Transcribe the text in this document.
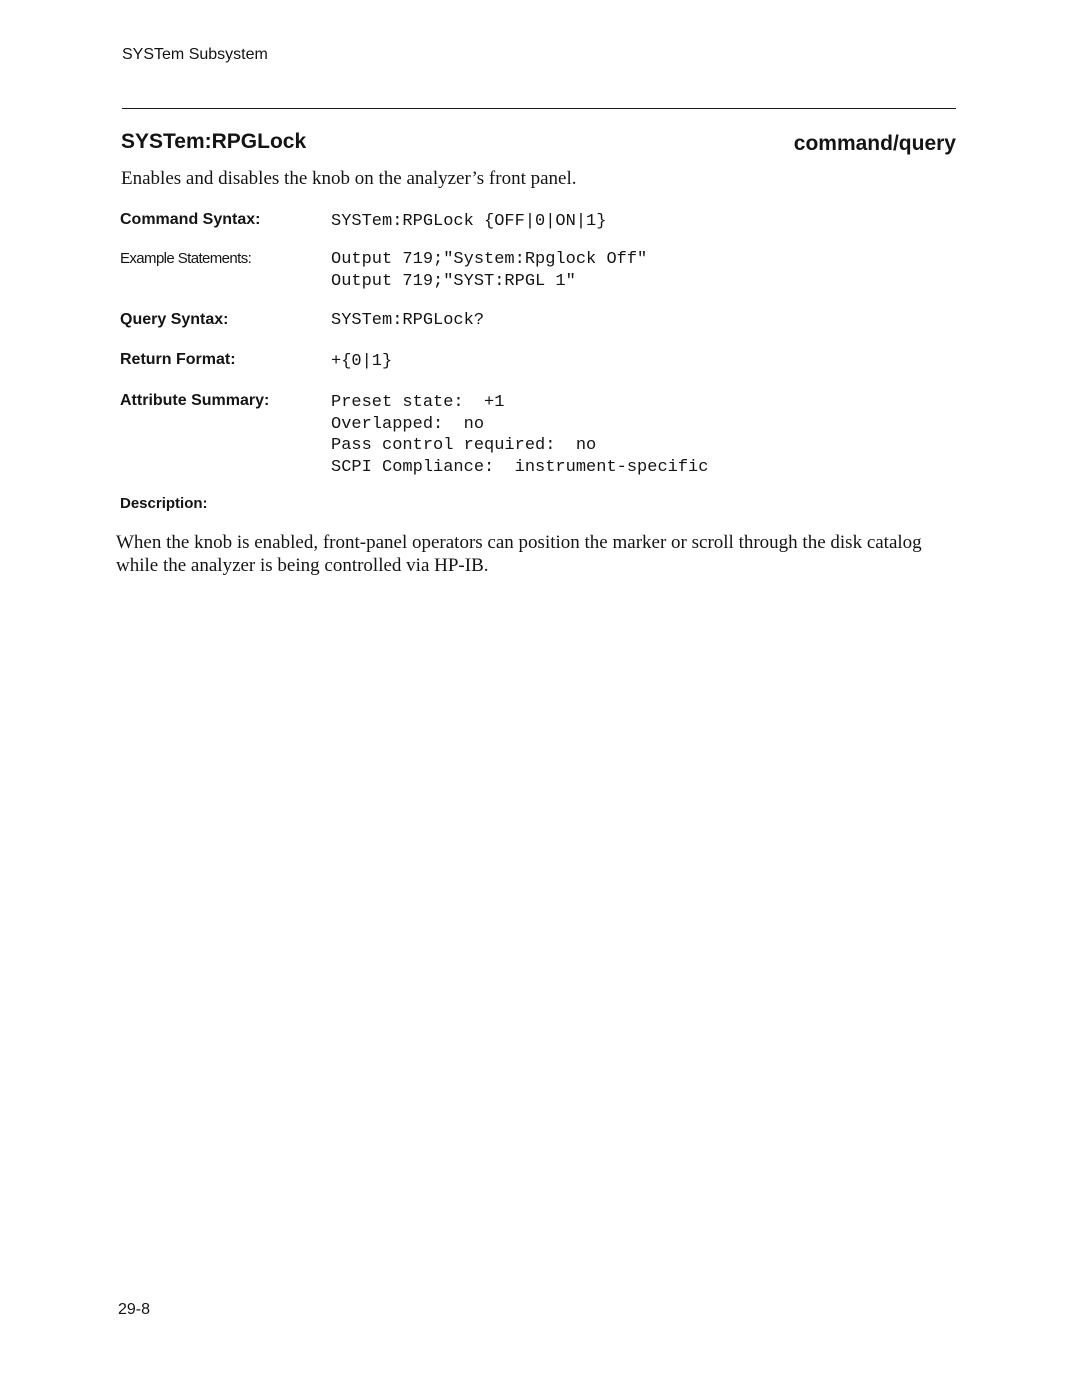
SYSTem Subsystem
SYSTem:RPGLock	command/query
Enables and disables the knob on the analyzer’s front panel.
Command Syntax:	SYSTem:RPGLock {OFF|0|ON|1}
Example Statements:	Output 719;"System:Rpglock Off"
Output 719;"SYST:RPGL 1"
Query Syntax:	SYSTem:RPGLock?
Return Format:	+{0|1}
Attribute Summary:	Preset state:  +1
Overlapped:  no
Pass control required:  no
SCPI Compliance:  instrument-specific
Description:
When the knob is enabled, front-panel operators can position the marker or scroll through the disk catalog while the analyzer is being controlled via HP-IB.
29-8
